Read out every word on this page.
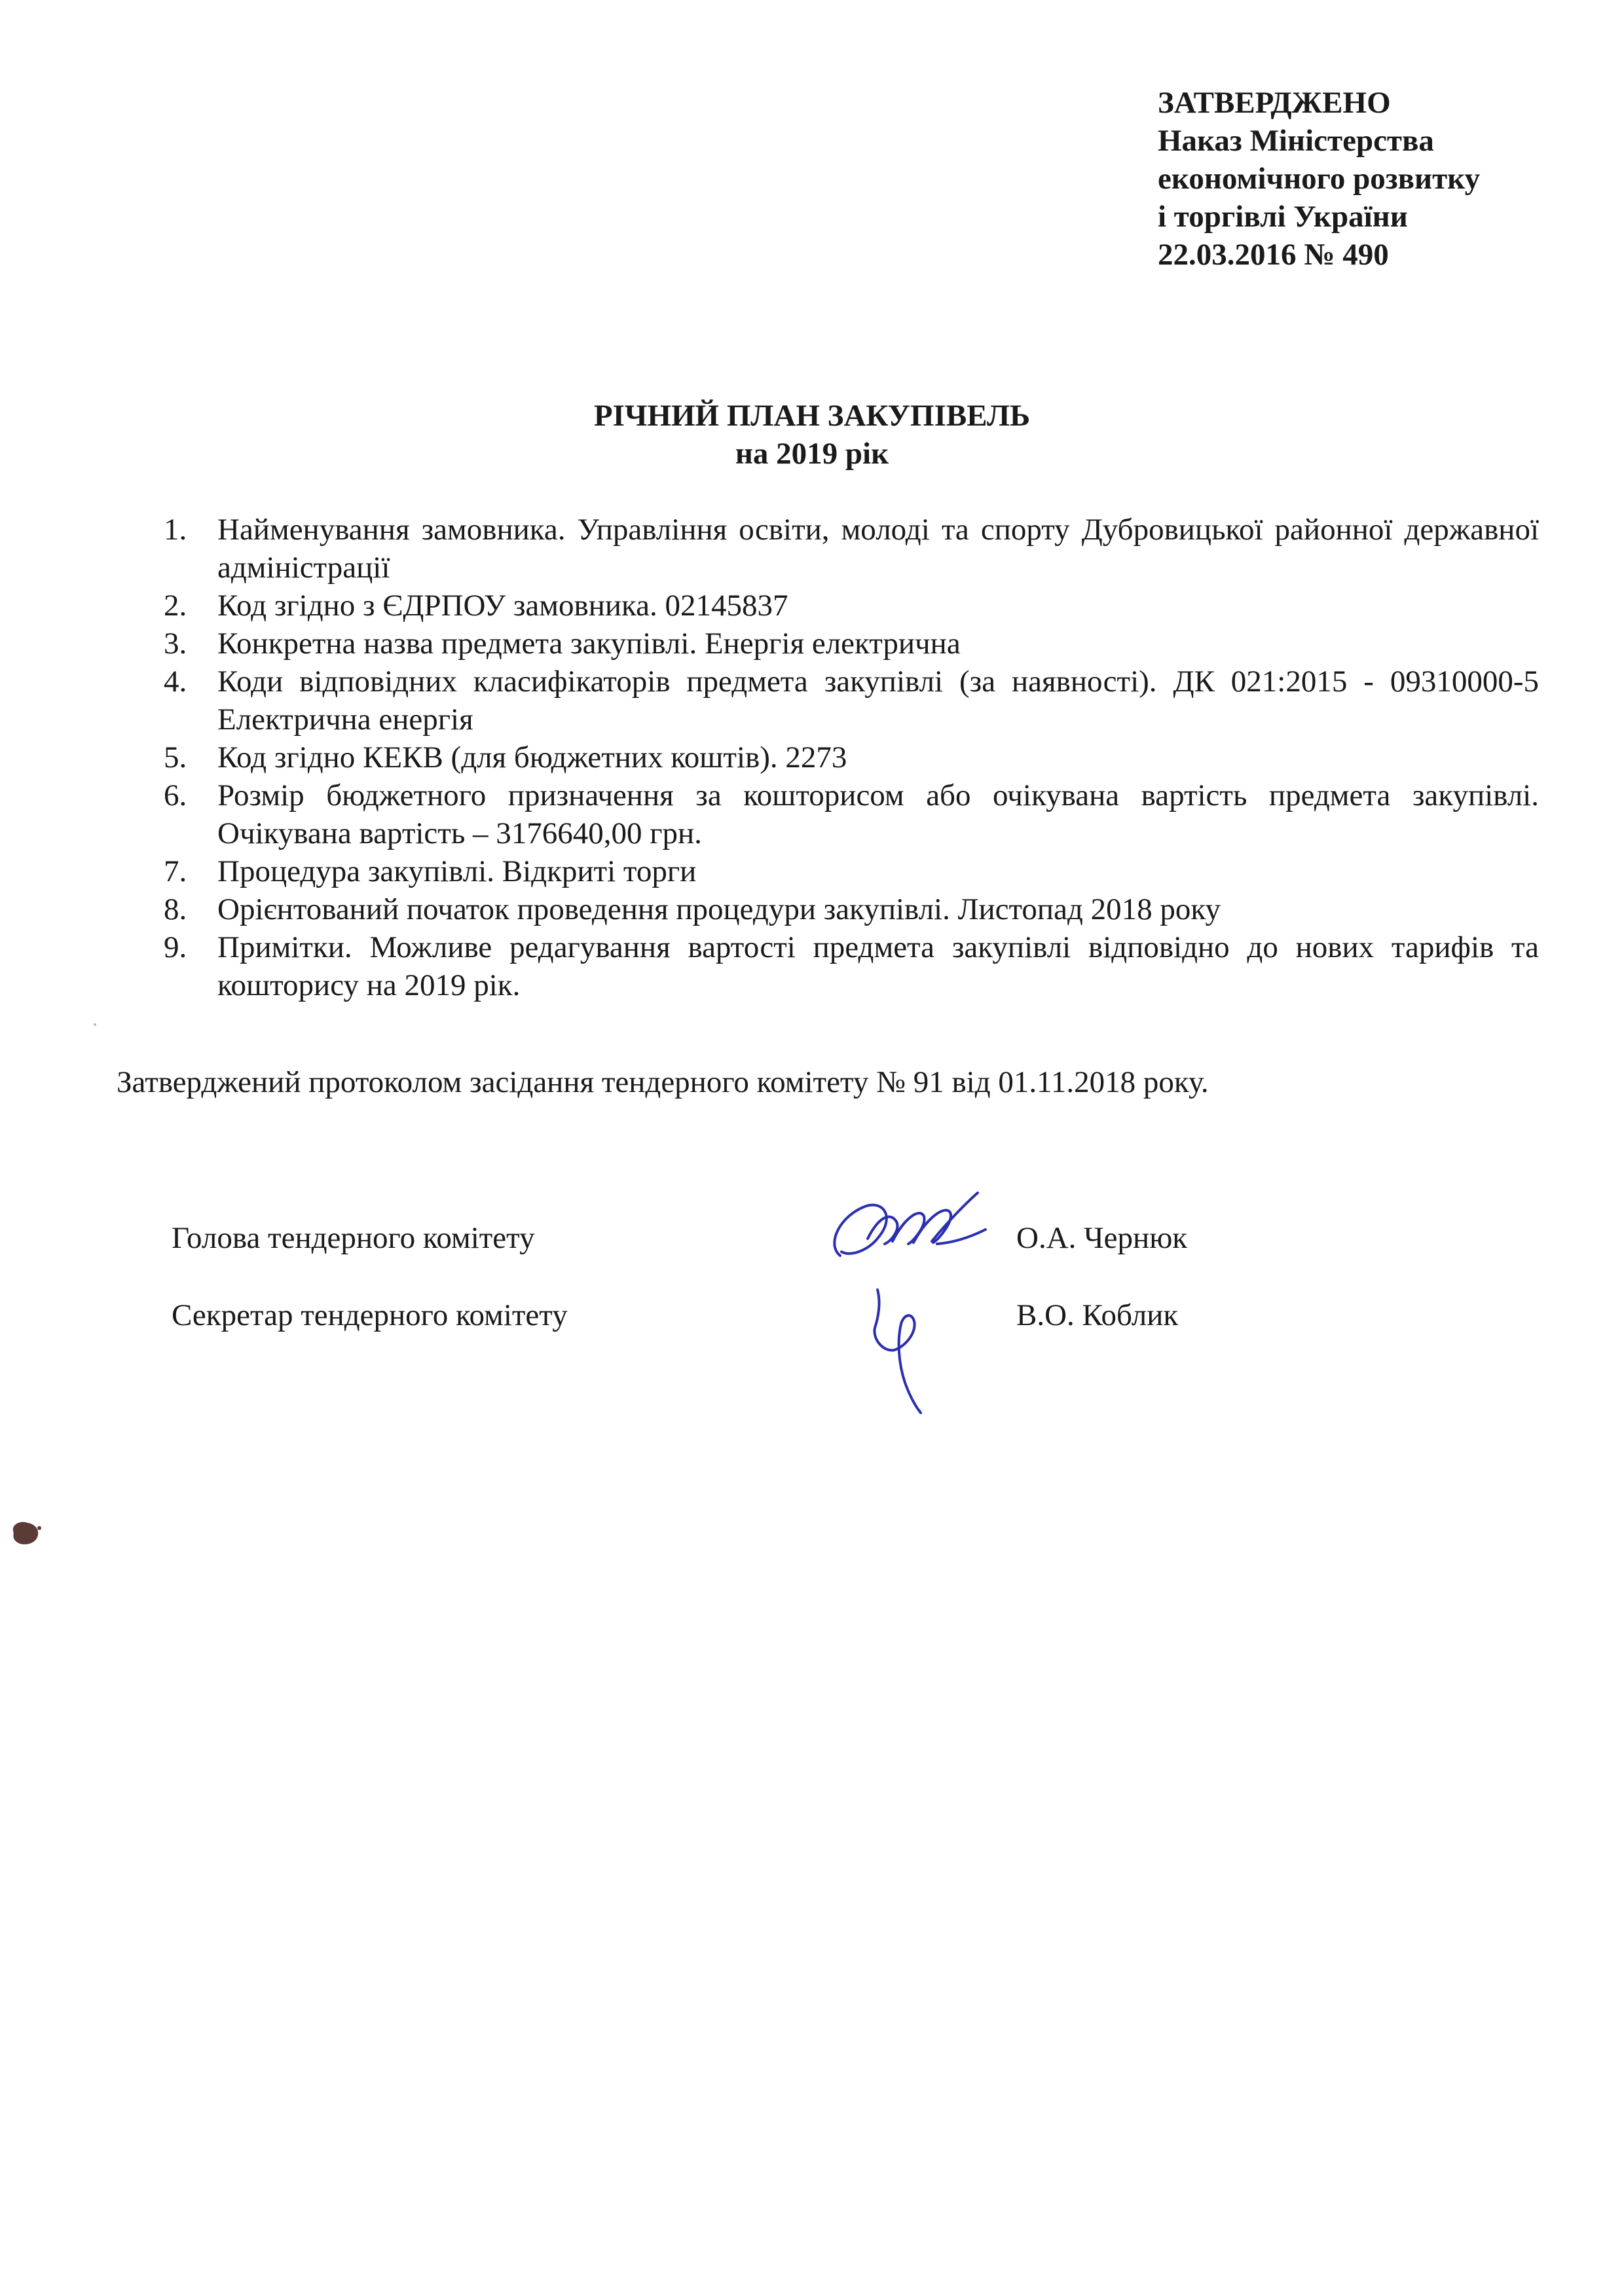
ЗАТВЕРДЖЕНО
Наказ Міністерства
економічного розвитку
і торгівлі України
22.03.2016 № 490
РІЧНИЙ ПЛАН ЗАКУПІВЕЛЬ
на 2019 рік
1. Найменування замовника. Управління освіти, молоді та спорту Дубровицької районної державної адміністрації
2. Код згідно з ЄДРПОУ замовника. 02145837
3. Конкретна назва предмета закупівлі. Енергія електрична
4. Коди відповідних класифікаторів предмета закупівлі (за наявності). ДК 021:2015 - 09310000-5 Електрична енергія
5. Код згідно КЕКВ (для бюджетних коштів). 2273
6. Розмір бюджетного призначення за кошторисом або очікувана вартість предмета закупівлі. Очікувана вартість – 3176640,00 грн.
7. Процедура закупівлі. Відкриті торги
8. Орієнтований початок проведення процедури закупівлі. Листопад 2018 року
9. Примітки. Можливе редагування вартості предмета закупівлі відповідно до нових тарифів та кошторису на 2019 рік.
Затверджений протоколом засідання тендерного комітету № 91 від 01.11.2018 року.
Голова тендерного комітету	О.А. Чернюк
Секретар тендерного комітету	В.О. Коблик
